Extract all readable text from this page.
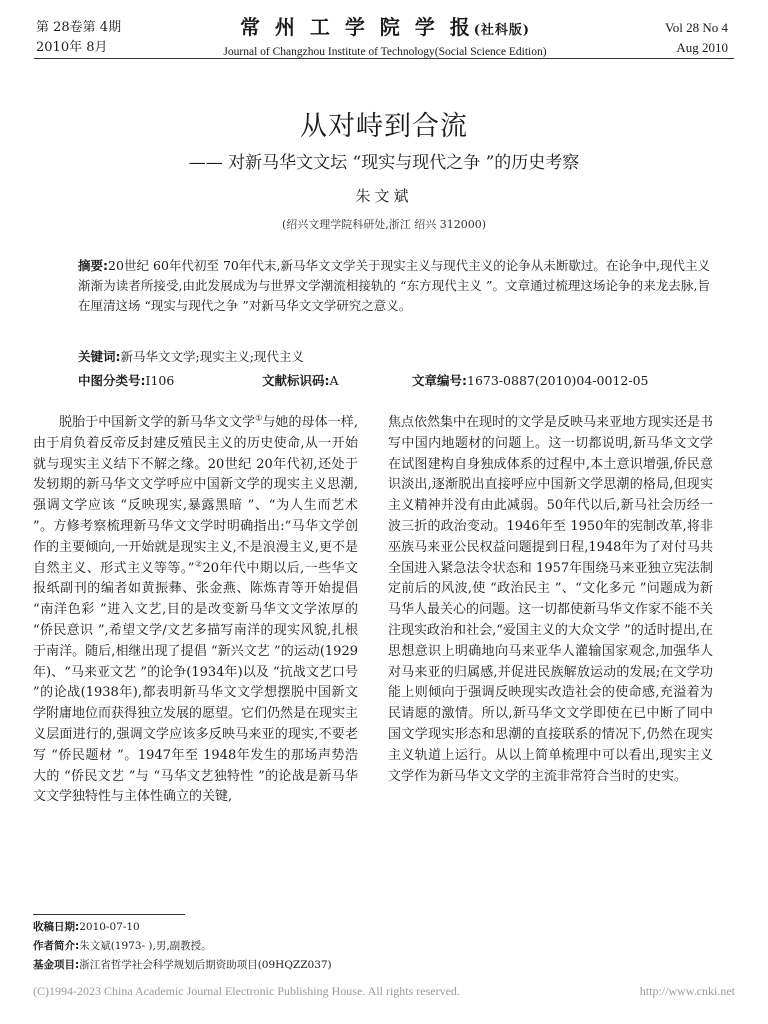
第 28卷第 4期
2010年 8月
常 州 工 学 院 学 报(社科版)
Journal of Changzhou Institute of Technology(Social Science Edition)
Vol 28 No 4
Aug 2010
从对峙到合流
—— 对新马华文文坛 “现实与现代之争 ”的历史考察
朱文斌
(绍兴文理学院科研处,浙江 绍兴 312000)
摘要:20世纪 60年代初至 70年代末,新马华文文学关于现实主义与现代主义的论争从未断歇过。在论争中,现代主义渐渐为读者所接受,由此发展成为与世界文学潮流相接轨的 “东方现代主义 ”。文章通过梳理这场论争的来龙去脉,旨在厘清这场 “现实与现代之争 ”对新马华文文学研究之意义。
关键词:新马华文文学;现实主义;现代主义
中图分类号:I106	文献标识码:A	文章编号:1673-0887(2010)04-0012-05

脱胎于中国新文学的新马华文文学①与她的母体一样,由于肩负着反帝反封建反殖民主义的历史使命,从一开始就与现实主义结下不解之缘。20世纪 20年代初,还处于发轫期的新马华文文学呼应中国新文学的现实主义思潮,强调文学应该 “反映现实,暴露黑暗 ”、“为人生而艺术 ”。方修考察梳理新马华文文学时明确指出:“马华文学创作的主要倾向,一开始就是现实主义,不是浪漫主义,更不是自然主义、形式主义等等。”②20年代中期以后,一些华文报纸副刊的编者如黄振彝、张金燕、陈炼青等开始提倡 “南洋色彩 ”进入文艺,目的是改变新马华文文学浓厚的 “侨民意识 ”,希望文学/文艺多描写南洋的现实风貌,扎根于南洋。随后,相继出现了提倡 “新兴文艺 ”的运动(1929年)、“马来亚文艺 ”的论争(1934年)以及 “抗战文艺口号 ”的论战(1938年),都表明新马华文文学想摆脱中国新文学附庸地位而获得独立发展的愿望。它们仍然是在现实主义层面进行的,强调文学应该多反映马来亚的现实,不要老写 “侨民题材 ”。1947年至 1948年发生的那场声势浩大的 “侨民文艺 ”与 “马华文艺独特性 ”的论战是新马华文文学独特性与主体性确立的关键,

焦点依然集中在现时的文学是反映马来亚地方现实还是书写中国内地题材的问题上。这一切都说明,新马华文文学在试图建构自身独成体系的过程中,本土意识增强,侨民意识淡出,逐渐脱出直接呼应中国新文学思潮的格局,但现实主义精神并没有由此减弱。50年代以后,新马社会历经一波三折的政治变动。1946年至 1950年的宪制改革,将非巫族马来亚公民权益问题提到日程,1948年为了对付马共全国进入紧急法令状态和 1957年围绕马来亚独立宪法制定前后的风波,使 “政治民主 ”、“文化多元 ”问题成为新马华人最关心的问题。这一切都使新马华文作家不能不关注现实政治和社会,“爱国主义的大众文学 ”的适时提出,在思想意识上明确地向马来亚华人灌输国家观念,加强华人对马来亚的归属感,并促进民族解放运动的发展;在文学功能上则倾向于强调反映现实改造社会的使命感,充溢着为民请愿的激情。所以,新马华文文学即使在已中断了同中国文学现实形态和思潮的直接联系的情况下,仍然在现实主义轨道上运行。从以上简单梳理中可以看出,现实主义文学作为新马华文文学的主流非常符合当时的史实。

收稿日期:2010-07-10
作者简介:朱文斌(1973- ),男,副教授。
基金项目:浙江省哲学社会科学规划后期资助项目(09HQZZ037)
(C)1994-2023 China Academic Journal Electronic Publishing House. All rights reserved.	http://www.cnki.net
